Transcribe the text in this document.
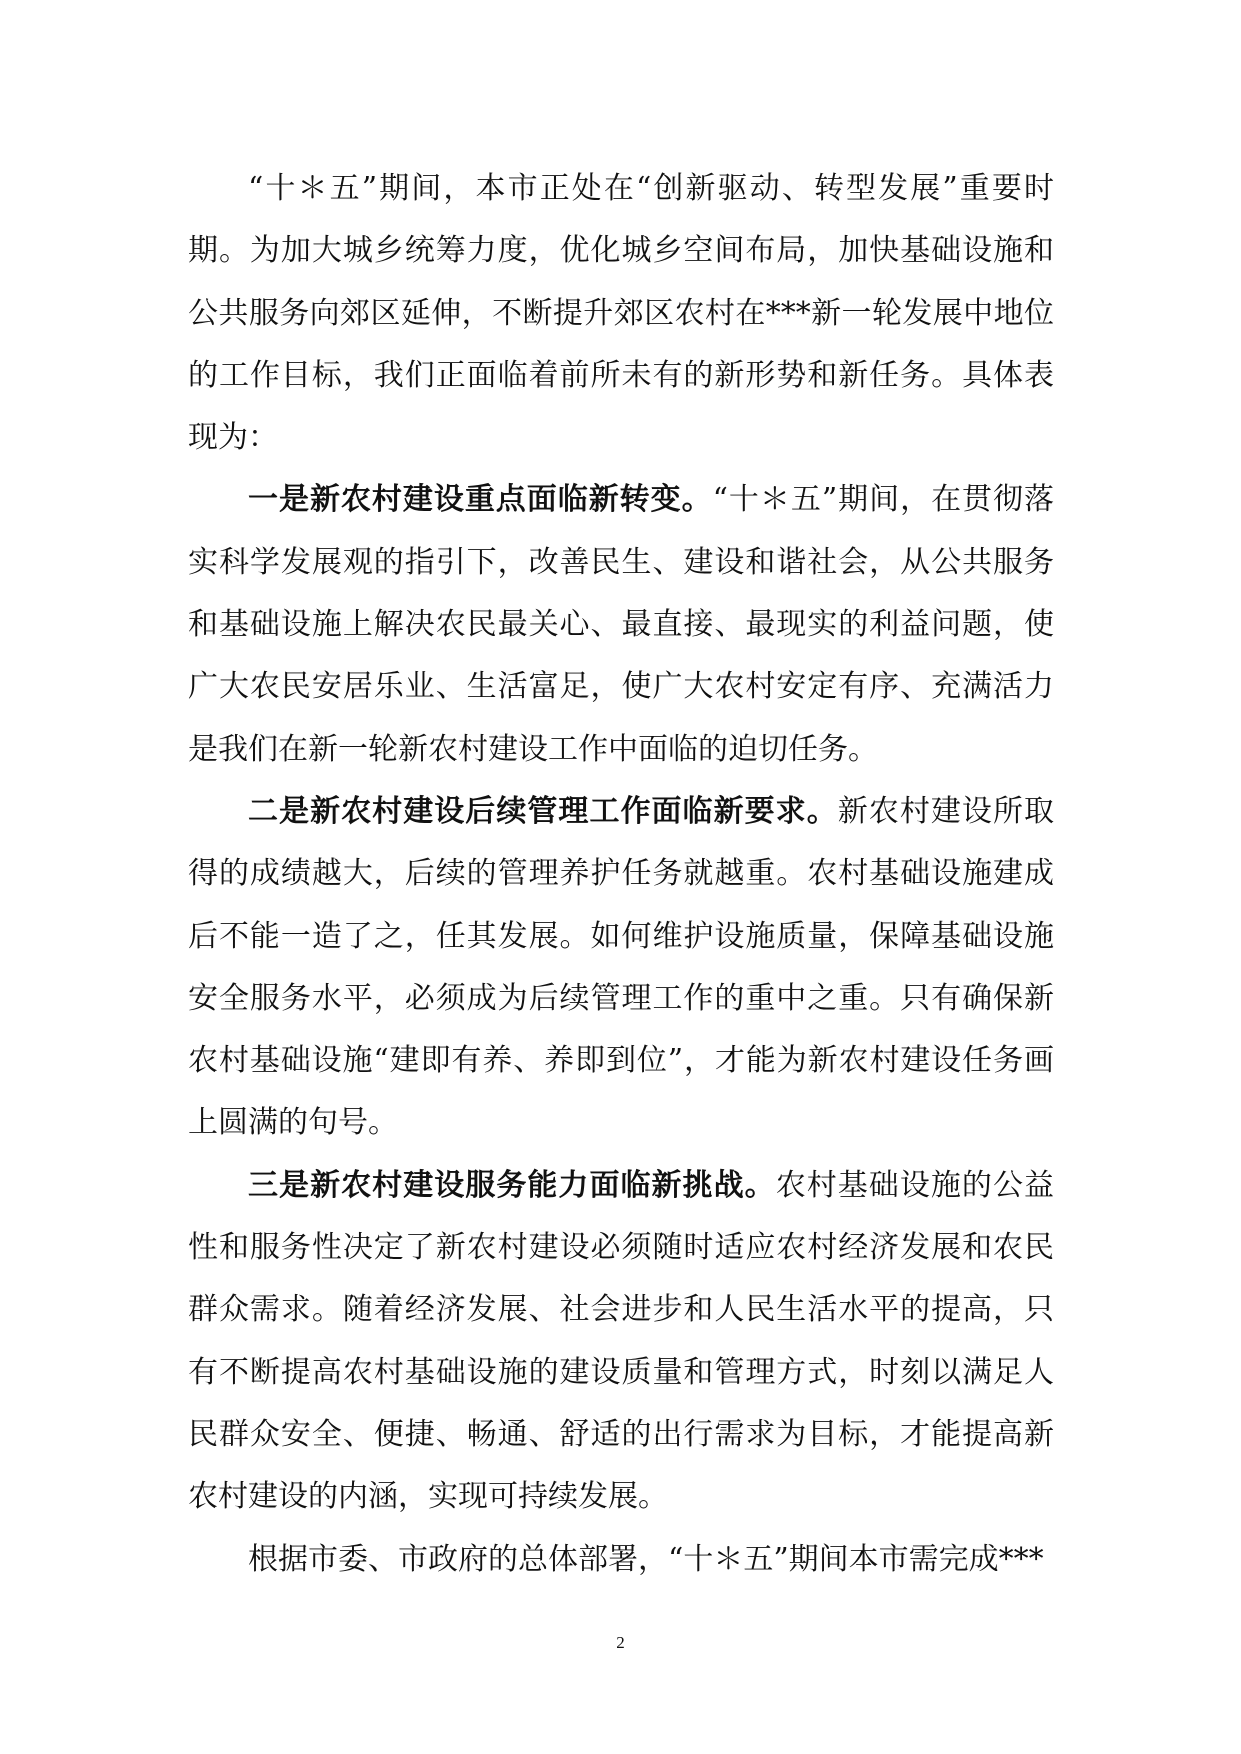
“十＊五”期间，本市正处在“创新驱动、转型发展”重要时期。为加大城乡统筹力度，优化城乡空间布局，加快基础设施和公共服务向郊区延伸，不断提升郊区农村在***新一轮发展中地位的工作目标，我们正面临着前所未有的新形势和新任务。具体表现为：

一是新农村建设重点面临新转变。“十＊五”期间，在贯彻落实科学发展观的指引下，改善民生、建设和谐社会，从公共服务和基础设施上解决农民最关心、最直接、最现实的利益问题，使广大农民安居乐业、生活富足，使广大农村安定有序、充满活力是我们在新一轮新农村建设工作中面临的迫切任务。

二是新农村建设后续管理工作面临新要求。新农村建设所取得的成绩越大，后续的管理养护任务就越重。农村基础设施建成后不能一造了之，任其发展。如何维护设施质量，保障基础设施安全服务水平，必须成为后续管理工作的重中之重。只有确保新农村基础设施“建即有养、养即到位”，才能为新农村建设任务画上圆满的句号。

三是新农村建设服务能力面临新挑战。农村基础设施的公益性和服务性决定了新农村建设必须随时适应农村经济发展和农民群众需求。随着经济发展、社会进步和人民生活水平的提高，只有不断提高农村基础设施的建设质量和管理方式，时刻以满足人民群众安全、便捷、畅通、舒适的出行需求为目标，才能提高新农村建设的内涵，实现可持续发展。

根据市委、市政府的总体部署，“十＊五”期间本市需完成***

2
